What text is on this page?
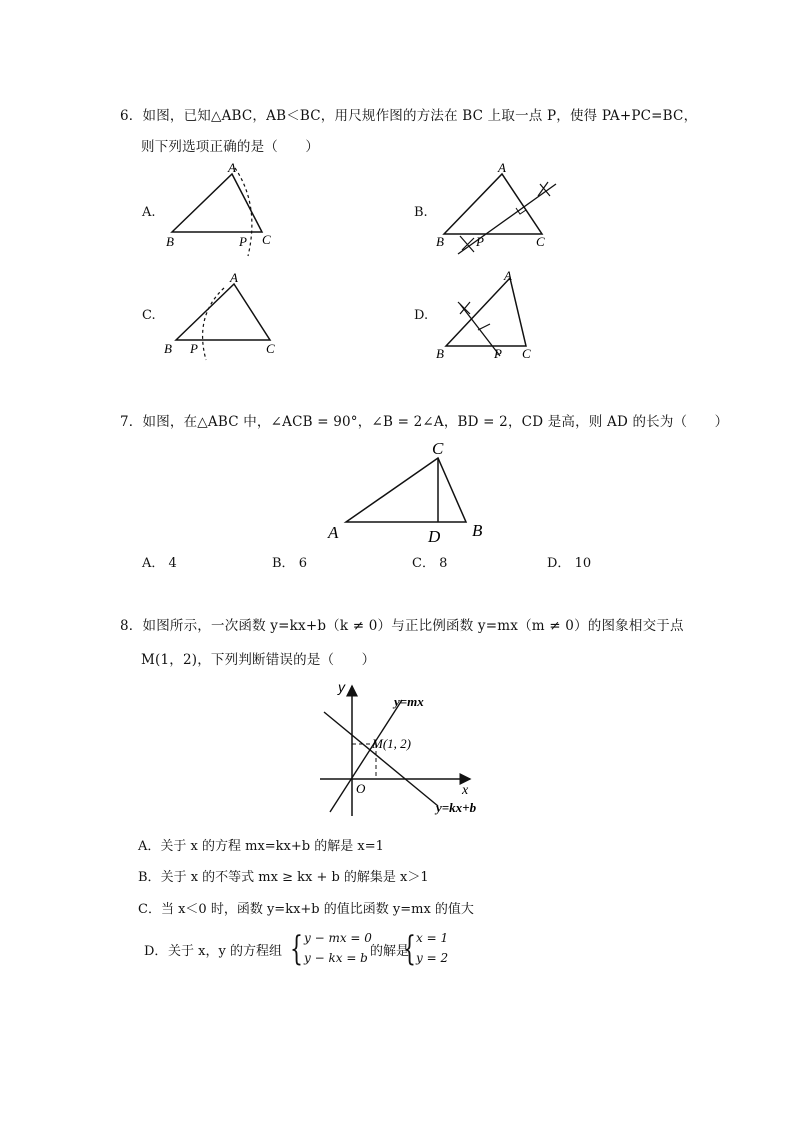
6．如图，已知△ABC，AB＜BC，用尺规作图的方法在 BC 上取一点 P，使得 PA+PC=BC，
则下列选项正确的是（　　）
A.
A
B	P C
B.
A
B P	C
C.
A
B P	C
D.
A
B	P C
7．如图，在△ABC 中，∠ACB = 90°，∠B = 2∠A，BD = 2，CD 是高，则 AD 的长为（　　）
C
A	D B
A． 4	B． 6	C． 8	D． 10
8．如图所示，一次函数 y=kx+b（k ≠ 0）与正比例函数 y=mx（m ≠ 0）的图象相交于点
M(1，2)，下列判断错误的是（　　）
y
x
O
y=mx
M(1, 2)
y=kx+b
A．关于 x 的方程 mx=kx+b 的解是 x=1
B．关于 x 的不等式 mx ≥ kx + b 的解集是 x＞1
C．当 x＜0 时，函数 y=kx+b 的值比函数 y=mx 的值大
D． 关于 x，y 的方程组 { y − mx = 0
y − kx = b 的解是
{ x = 1
y = 2
